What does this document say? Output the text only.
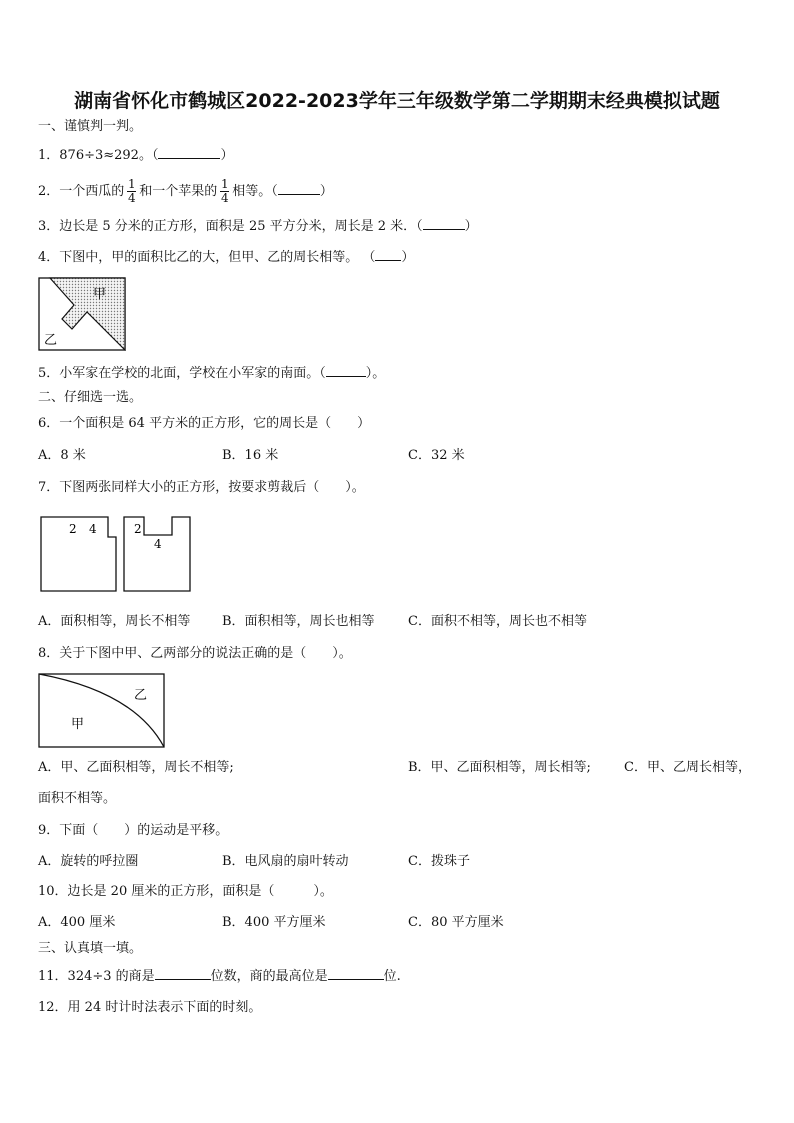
湖南省怀化市鹤城区2022-2023学年三年级数学第二学期期末经典模拟试题
一、谨慎判一判。
1．876÷3≈292。（	）
2．一个西瓜的 $\frac{1}{4}$ 和一个苹果的 $\frac{1}{4}$ 相等。（	）
3．边长是 5 分米的正方形，面积是 25 平方分米，周长是 2 米．（	）
4．下图中，甲的面积比乙的大，但甲、乙的周长相等。 （ ）
甲
乙
5．小军家在学校的北面，学校在小军家的南面。（	）。
二、仔细选一选。
6．一个面积是 64 平方米的正方形，它的周长是（　　）
A．8 米	B．16 米	C．32 米
7．下图两张同样大小的正方形，按要求剪裁后（　　）。
2 4	2
4
A．面积相等，周长不相等 B．面积相等，周长也相等	C．面积不相等，周长也不相等
8．关于下图中甲、乙两部分的说法正确的是（　　）。
乙
甲
A．甲、乙面积相等，周长不相等;	B．甲、乙面积相等，周长相等;	C．甲、乙周长相等，
面积不相等。
9．下面（　　）的运动是平移。
A．旋转的呼拉圈	B．电风扇的扇叶转动	C．拨珠子
10．边长是 20 厘米的正方形，面积是（　　　）。
A．400 厘米	B．400 平方厘米	C．80 平方厘米
三、认真填一填。
11．324÷3 的商是	位数，商的最高位是	位.
12．用 24 时计时法表示下面的时刻。
